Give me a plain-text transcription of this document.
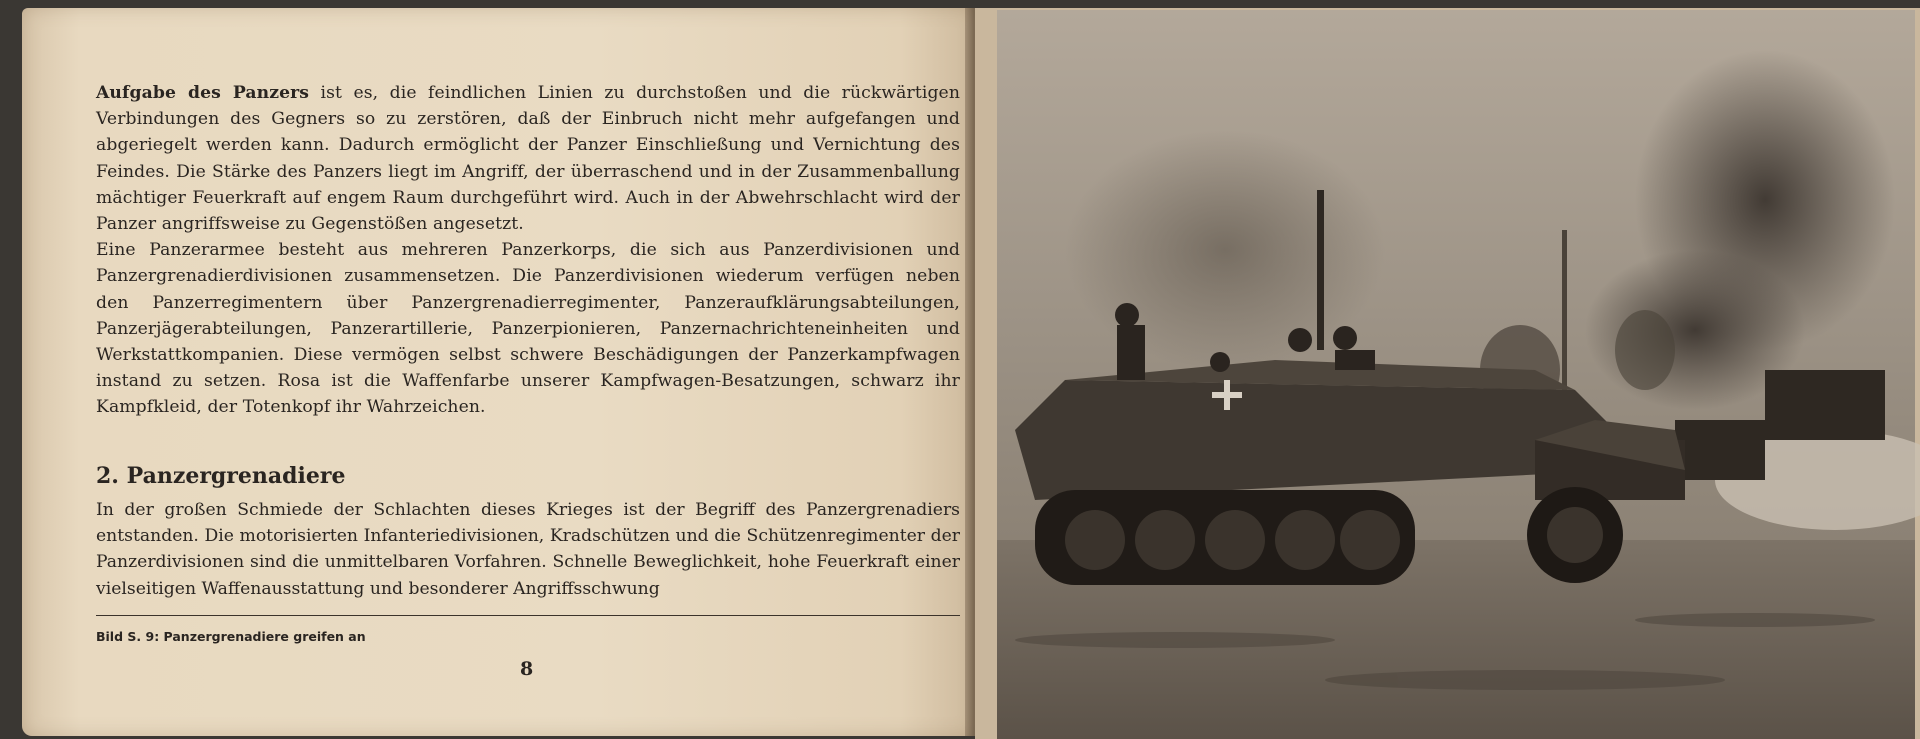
Aufgabe des Panzers ist es, die feindlichen Linien zu durchstoßen und die rückwärtigen Verbindungen des Gegners so zu zerstören, daß der Einbruch nicht mehr aufgefangen und abgeriegelt werden kann. Dadurch ermöglicht der Panzer Einschließung und Vernichtung des Feindes. Die Stärke des Panzers liegt im Angriff, der überraschend und in der Zusammenballung mächtiger Feuerkraft auf engem Raum durchgeführt wird. Auch in der Abwehrschlacht wird der Panzer angriffsweise zu Gegenstößen angesetzt.

Eine Panzerarmee besteht aus mehreren Panzerkorps, die sich aus Panzerdivisionen und Panzergrenadierdivisionen zusammensetzen. Die Panzerdivisionen wiederum verfügen neben den Panzerregimentern über Panzergrenadierregimenter, Panzeraufklärungsabteilungen, Panzerjägerabteilungen, Panzerartillerie, Panzerpionieren, Panzernachrichteneinheiten und Werkstattkompanien. Diese vermögen selbst schwere Beschädigungen der Panzerkampfwagen instand zu setzen. Rosa ist die Waffenfarbe unserer Kampfwagen-Besatzungen, schwarz ihr Kampfkleid, der Totenkopf ihr Wahrzeichen.

2. Panzergrenadiere
In der großen Schmiede der Schlachten dieses Krieges ist der Begriff des Panzergrenadiers entstanden. Die motorisierten Infanteriedivisionen, Kradschützen und die Schützenregimenter der Panzerdivisionen sind die unmittelbaren Vorfahren. Schnelle Beweglichkeit, hohe Feuerkraft einer vielseitigen Waffenausstattung und besonderer Angriffsschwung
Bild S. 9: Panzergrenadiere greifen an
8
